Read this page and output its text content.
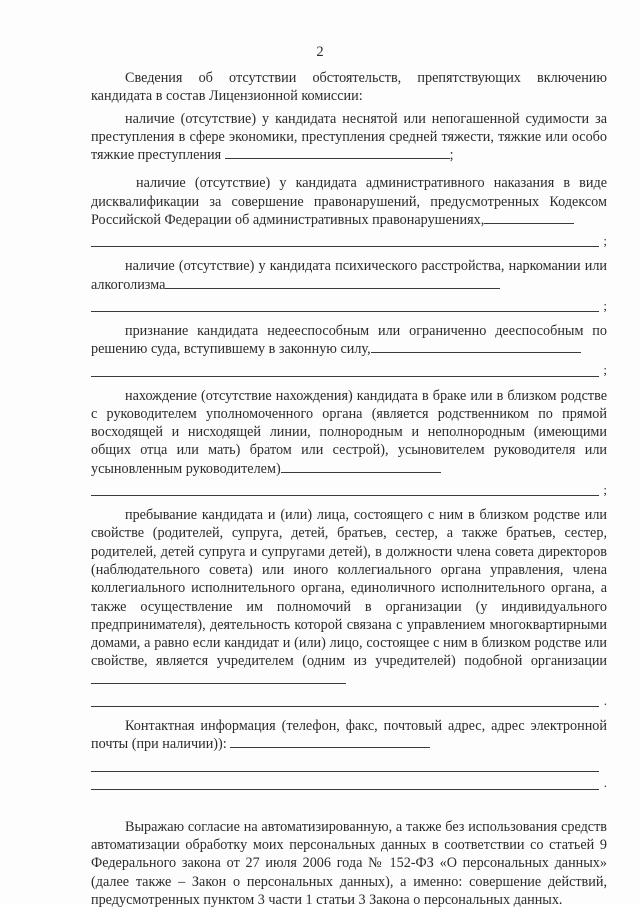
2

Сведения об отсутствии обстоятельств, препятствующих включению кандидата в состав Лицензионной комиссии:

наличие (отсутствие) у кандидата неснятой или непогашенной судимости за преступления в сфере экономики, преступления средней тяжести, тяжкие или особо тяжкие преступления	;

наличие (отсутствие) у кандидата административного наказания в виде дисквалификации за совершение правонарушений, предусмотренных Кодексом Российской Федерации об административных правонарушениях,

;

наличие (отсутствие) у кандидата психического расстройства, наркомании или алкоголизма

;

признание кандидата недееспособным или ограниченно дееспособным по решению суда, вступившему в законную силу,

;

нахождение (отсутствие нахождения) кандидата в браке или в близком родстве с руководителем уполномоченного органа (является родственником по прямой восходящей и нисходящей линии, полнородным и неполнородным (имеющими общих отца или мать) братом или сестрой), усыновителем руководителя или усыновленным руководителем)

;

пребывание кандидата и (или) лица, состоящего с ним в близком родстве или свойстве (родителей, супруга, детей, братьев, сестер, а также братьев, сестер, родителей, детей супруга и супругами детей), в должности члена совета директоров (наблюдательного совета) или иного коллегиального органа управления, члена коллегиального исполнительного органа, единоличного исполнительного органа, а также осуществление им полномочий в организации (у индивидуального предпринимателя), деятельность которой связана с управлением многоквартирными домами, а равно если кандидат и (или) лицо, состоящее с ним в близком родстве или свойстве, является учредителем (одним из учредителей) подобной организации

.

Контактная информация (телефон, факс, почтовый адрес, адрес электронной почты (при наличии)):

.

Выражаю согласие на автоматизированную, а также без использования средств автоматизации обработку моих персональных данных в соответствии со статьей 9 Федерального закона от 27 июля 2006 года № 152-ФЗ «О персональных данных» (далее также – Закон о персональных данных), а именно: совершение действий, предусмотренных пунктом 3 части 1 статьи 3 Закона о персональных данных.
